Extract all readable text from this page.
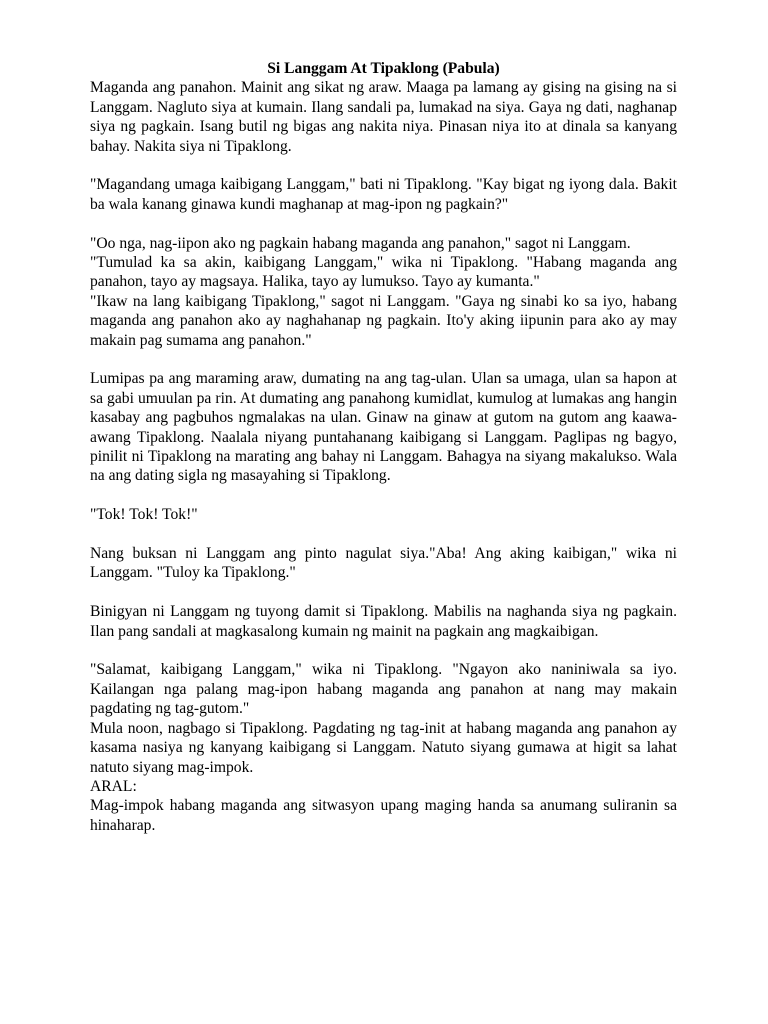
Si Langgam At Tipaklong (Pabula)

Maganda ang panahon. Mainit ang sikat ng araw. Maaga pa lamang ay gising na gising na si Langgam. Nagluto siya at kumain. Ilang sandali pa, lumakad na siya. Gaya ng dati, naghanap siya ng pagkain. Isang butil ng bigas ang nakita niya. Pinasan niya ito at dinala sa kanyang bahay. Nakita siya ni Tipaklong.

"Magandang umaga kaibigang Langgam," bati ni Tipaklong. "Kay bigat ng iyong dala. Bakit ba wala kanang ginawa kundi maghanap at mag-ipon ng pagkain?"

"Oo nga, nag-iipon ako ng pagkain habang maganda ang panahon," sagot ni Langgam.

"Tumulad ka sa akin, kaibigang Langgam," wika ni Tipaklong. "Habang maganda ang panahon, tayo ay magsaya. Halika, tayo ay lumukso. Tayo ay kumanta."

"Ikaw na lang kaibigang Tipaklong," sagot ni Langgam. "Gaya ng sinabi ko sa iyo, habang maganda ang panahon ako ay naghahanap ng pagkain. Ito'y aking iipunin para ako ay may makain pag sumama ang panahon."

Lumipas pa ang maraming araw, dumating na ang tag-ulan. Ulan sa umaga, ulan sa hapon at sa gabi umuulan pa rin. At dumating ang panahong kumidlat, kumulog at lumakas ang hangin kasabay ang pagbuhos ngmalakas na ulan. Ginaw na ginaw at gutom na gutom ang kaawa-awang Tipaklong. Naalala niyang puntahanang kaibigang si Langgam. Paglipas ng bagyo, pinilit ni Tipaklong na marating ang bahay ni Langgam. Bahagya na siyang makalukso. Wala na ang dating sigla ng masayahing si Tipaklong.

"Tok! Tok! Tok!"

Nang buksan ni Langgam ang pinto nagulat siya."Aba! Ang aking kaibigan," wika ni Langgam. "Tuloy ka Tipaklong."

Binigyan ni Langgam ng tuyong damit si Tipaklong. Mabilis na naghanda siya ng pagkain. Ilan pang sandali at magkasalong kumain ng mainit na pagkain ang magkaibigan.

"Salamat, kaibigang Langgam," wika ni Tipaklong. "Ngayon ako naniniwala sa iyo. Kailangan nga palang mag-ipon habang maganda ang panahon at nang may makain pagdating ng tag-gutom."

Mula noon, nagbago si Tipaklong. Pagdating ng tag-init at habang maganda ang panahon ay kasama nasiya ng kanyang kaibigang si Langgam. Natuto siyang gumawa at higit sa lahat natuto siyang mag-impok.

ARAL:

Mag-impok habang maganda ang sitwasyon upang maging handa sa anumang suliranin sa hinaharap.
